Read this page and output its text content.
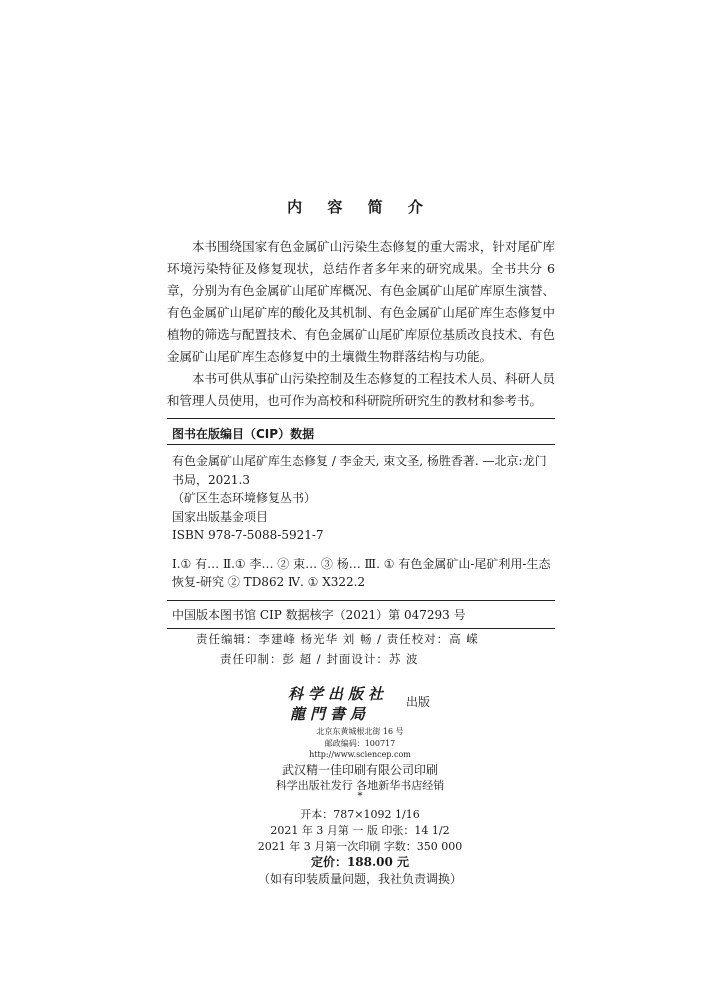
内 容 简 介

本书围绕国家有色金属矿山污染生态修复的重大需求，针对尾矿库环境污染特征及修复现状，总结作者多年来的研究成果。全书共分 6 章，分别为有色金属矿山尾矿库概况、有色金属矿山尾矿库原生演替、有色金属矿山尾矿库的酸化及其机制、有色金属矿山尾矿库生态修复中植物的筛选与配置技术、有色金属矿山尾矿库原位基质改良技术、有色金属矿山尾矿库生态修复中的土壤微生物群落结构与功能。

本书可供从事矿山污染控制及生态修复的工程技术人员、科研人员和管理人员使用，也可作为高校和科研院所研究生的教材和参考书。

图书在版编目（CIP）数据
有色金属矿山尾矿库生态修复 / 李金天, 束文圣, 杨胜香著. —北京:龙门书局，2021.3
（矿区生态环境修复丛书）
国家出版基金项目
ISBN 978-7-5088-5921-7
Ⅰ.① 有… Ⅱ.① 李… ② 束… ③ 杨… Ⅲ. ① 有色金属矿山-尾矿利用-生态恢复-研究 ② TD862 Ⅳ. ① X322.2
中国版本图书馆 CIP 数据核字（2021）第 047293 号
责任编辑：李建峰 杨光华 刘 畅 / 责任校对：高 嵘
责任印制：彭 超 / 封面设计：苏 波
科学出版社
龍門書局
出版
北京东黄城根北街 16 号
邮政编码：100717
http://www.sciencep.com
武汉精一佳印刷有限公司印刷
科学出版社发行 各地新华书店经销
*
开本：787×1092 1/16
2021 年 3 月第 一 版 印张：14 1/2
2021 年 3 月第一次印刷 字数：350 000
定价：188.00 元
（如有印装质量问题，我社负责调换）
